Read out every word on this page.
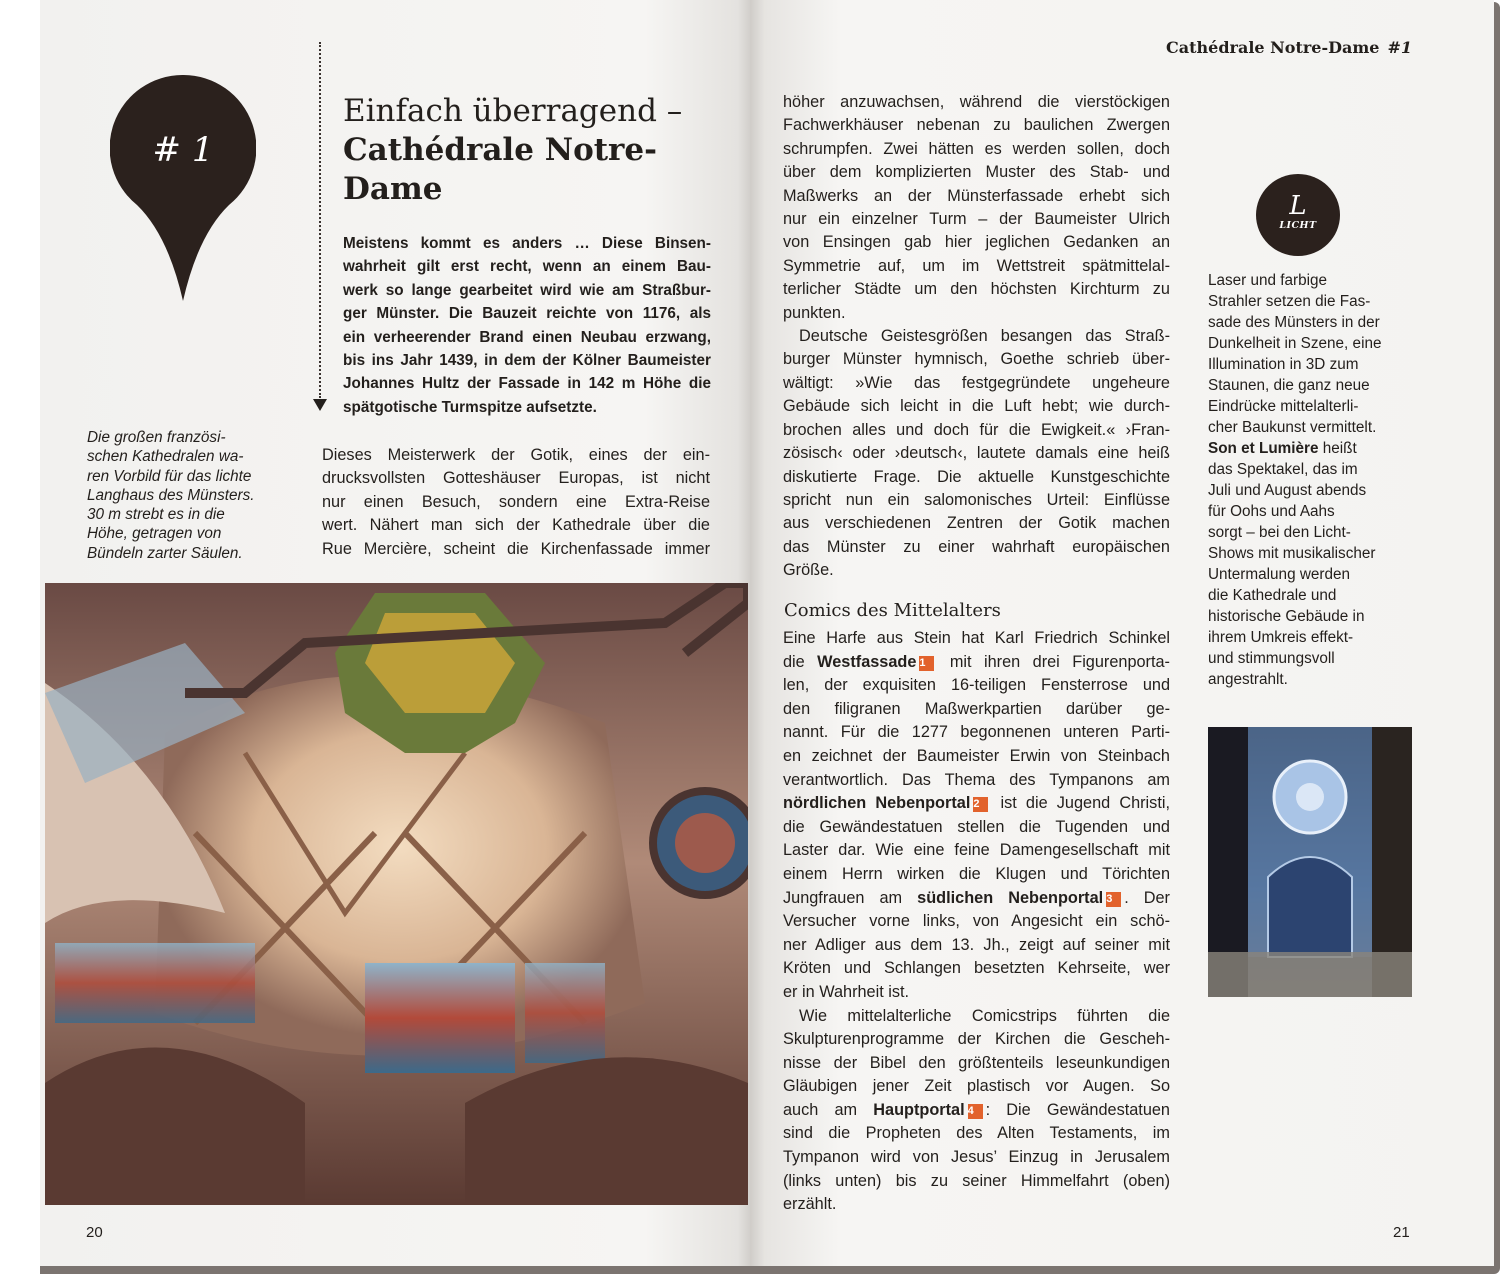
# 1
Einfach überragend –
Cathédrale Notre-
Dame
Meistens kommt es anders … Diese Binsen-
wahrheit gilt erst recht, wenn an einem Bau-
werk so lange gearbeitet wird wie am Straßbur-
ger Münster. Die Bauzeit reichte von 1176, als
ein verheerender Brand einen Neubau erzwang,
bis ins Jahr 1439, in dem der Kölner Baumeister
Johannes Hultz der Fassade in 142 m Höhe die
spätgotische Turmspitze aufsetzte.
Die großen französi-
schen Kathedralen wa-
ren Vorbild für das lichte
Langhaus des Münsters.
30 m strebt es in die
Höhe, getragen von
Bündeln zarter Säulen.
Dieses Meisterwerk der Gotik, eines der ein-
drucksvollsten Gotteshäuser Europas, ist nicht
nur einen Besuch, sondern eine Extra-Reise
wert. Nähert man sich der Kathedrale über die
Rue Mercière, scheint die Kirchenfassade immer
20
Cathédrale Notre-Dame #1
höher anzuwachsen, während die vierstöckigen
Fachwerkhäuser nebenan zu baulichen Zwergen
schrumpfen. Zwei hätten es werden sollen, doch
über dem komplizierten Muster des Stab- und
Maßwerks an der Münsterfassade erhebt sich
nur ein einzelner Turm – der Baumeister Ulrich
von Ensingen gab hier jeglichen Gedanken an
Symmetrie auf, um im Wettstreit spätmittelal-
terlicher Städte um den höchsten Kirchturm zu
punkten.
Deutsche Geistesgrößen besangen das Straß-
burger Münster hymnisch, Goethe schrieb über-
wältigt: »Wie das festgegründete ungeheure
Gebäude sich leicht in die Luft hebt; wie durch-
brochen alles und doch für die Ewigkeit.« ›Fran-
zösisch‹ oder ›deutsch‹, lautete damals eine heiß
diskutierte Frage. Die aktuelle Kunstgeschichte
spricht nun ein salomonisches Urteil: Einflüsse
aus verschiedenen Zentren der Gotik machen
das Münster zu einer wahrhaft europäischen
Größe.
Comics des Mittelalters
Eine Harfe aus Stein hat Karl Friedrich Schinkel
die Westfassade 1 mit ihren drei Figurenporta-
len, der exquisiten 16-teiligen Fensterrose und
den filigranen Maßwerkpartien darüber ge-
nannt. Für die 1277 begonnenen unteren Parti-
en zeichnet der Baumeister Erwin von Steinbach
verantwortlich. Das Thema des Tympanons am
nördlichen Nebenportal 2 ist die Jugend Christi,
die Gewändestatuen stellen die Tugenden und
Laster dar. Wie eine feine Damengesellschaft mit
einem Herrn wirken die Klugen und Törichten
Jungfrauen am südlichen Nebenportal 3 . Der
Versucher vorne links, von Angesicht ein schö-
ner Adliger aus dem 13. Jh., zeigt auf seiner mit
Kröten und Schlangen besetzten Kehrseite, wer
er in Wahrheit ist.
Wie mittelalterliche Comicstrips führten die
Skulpturenprogramme der Kirchen die Gescheh-
nisse der Bibel den größtenteils leseunkundigen
Gläubigen jener Zeit plastisch vor Augen. So
auch am Hauptportal 4 : Die Gewändestatuen
sind die Propheten des Alten Testaments, im
Tympanon wird von Jesus’ Einzug in Jerusalem
(links unten) bis zu seiner Himmelfahrt (oben)
erzählt.
L
LICHT
Laser und farbige
Strahler setzen die Fas-
sade des Münsters in der
Dunkelheit in Szene, eine
Illumination in 3D zum
Staunen, die ganz neue
Eindrücke mittelalterli-
cher Baukunst vermittelt.
Son et Lumière heißt
das Spektakel, das im
Juli und August abends
für Oohs und Aahs
sorgt – bei den Licht-
Shows mit musikalischer
Untermalung werden
die Kathedrale und
historische Gebäude in
ihrem Umkreis effekt-
und stimmungsvoll
angestrahlt.
21
